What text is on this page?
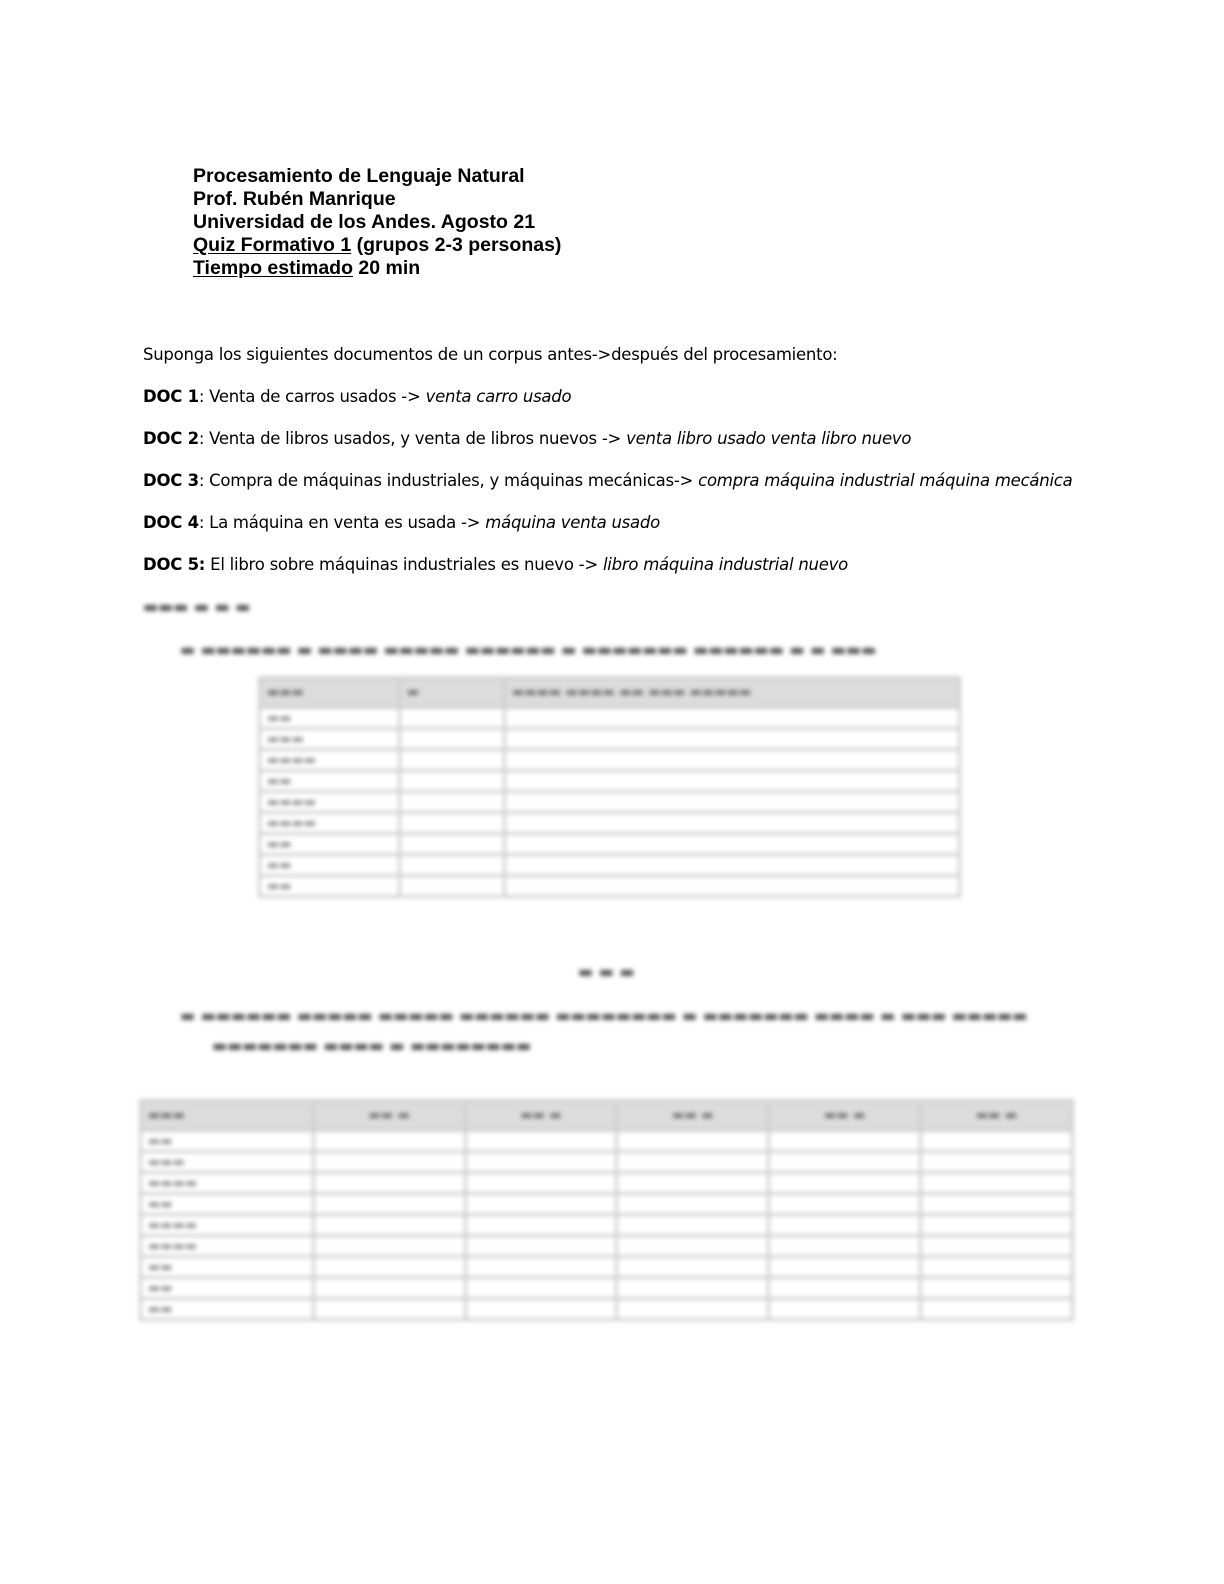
Procesamiento de Lenguaje Natural
Prof. Rubén Manrique
Universidad de los Andes. Agosto 21
Quiz Formativo 1 (grupos 2-3 personas)
Tiempo estimado 20 min
Suponga los siguientes documentos de un corpus antes->después del procesamiento:
DOC 1: Venta de carros usados -> venta carro usado
DOC 2: Venta de libros usados, y venta de libros nuevos -> venta libro usado venta libro nuevo
DOC 3: Compra de máquinas industriales, y máquinas mecánicas-> compra máquina industrial máquina mecánica
DOC 4: La máquina en venta es usada -> máquina venta usado
DOC 5: El libro sobre máquinas industriales es nuevo -> libro máquina industrial nuevo
▬▬▬ ▬ ▬ ▬
▬ ▬▬▬▬▬▬ ▬ ▬▬▬▬ ▬▬▬▬▬ ▬▬▬▬▬▬ ▬ ▬▬▬▬▬▬▬ ▬▬▬▬▬▬ ▬ ▬ ▬▬▬
▬▬▬	▬	▬▬▬▬ ▬▬▬▬ ▬▬ ▬▬▬ ▬▬▬▬▬
▬▬		
▬▬▬		
▬▬▬▬		
▬▬		
▬▬▬▬		
▬▬▬▬		
▬▬		
▬▬		
▬▬		
▬ ▬ ▬
▬ ▬▬▬▬▬▬ ▬▬▬▬▬ ▬▬▬▬▬ ▬▬▬▬▬▬ ▬▬▬▬▬▬▬▬ ▬ ▬▬▬▬▬▬▬ ▬▬▬▬ ▬ ▬▬▬ ▬▬▬▬▬
▬▬▬▬▬▬▬ ▬▬▬▬ ▬ ▬▬▬▬▬▬▬▬
▬▬▬	▬▬ ▬	▬▬ ▬	▬▬ ▬	▬▬ ▬	▬▬ ▬
▬▬					
▬▬▬					
▬▬▬▬					
▬▬					
▬▬▬▬					
▬▬▬▬					
▬▬					
▬▬					
▬▬					
